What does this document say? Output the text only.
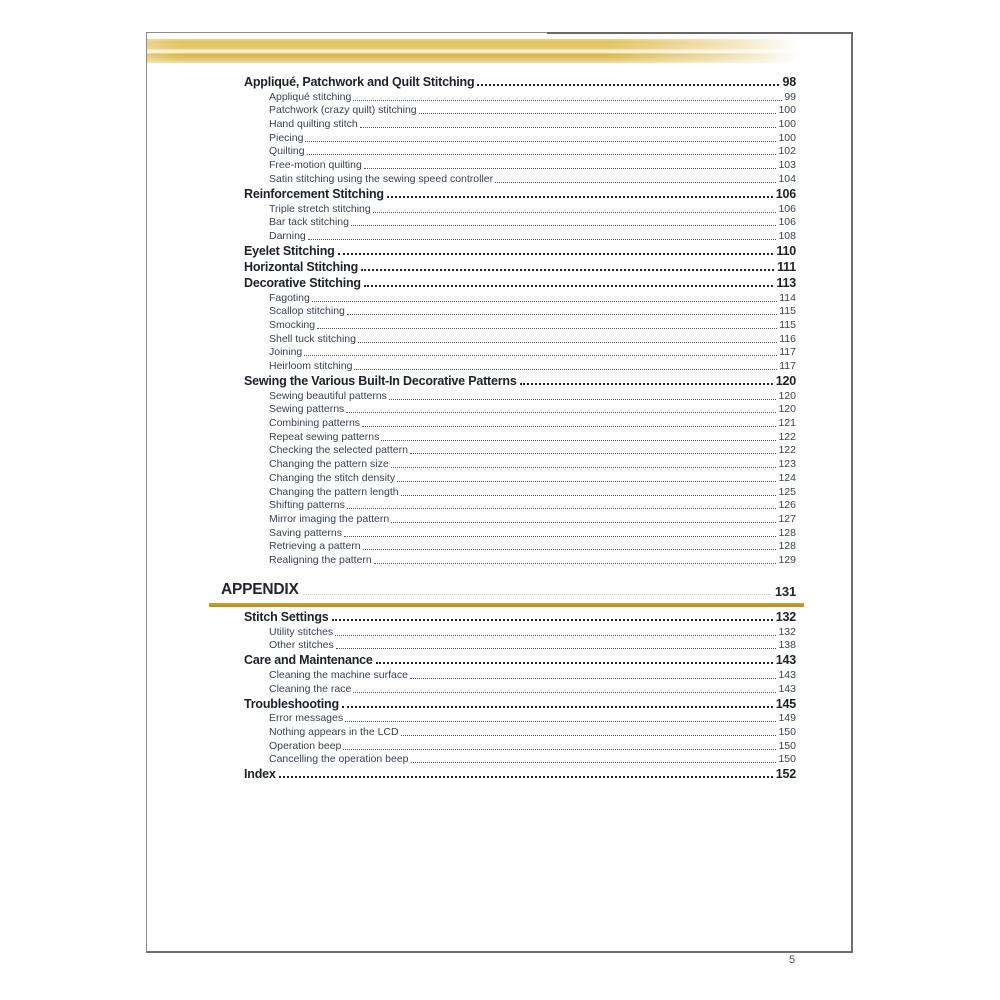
Appliqué, Patchwork and Quilt Stitching	98
Appliqué stitching	99
Patchwork (crazy quilt) stitching	100
Hand quilting stitch	100
Piecing	100
Quilting	102
Free-motion quilting	103
Satin stitching using the sewing speed controller	104
Reinforcement Stitching	106
Triple stretch stitching	106
Bar tack stitching	106
Darning	108
Eyelet Stitching	110
Horizontal Stitching	111
Decorative Stitching	113
Fagoting	114
Scallop stitching	115
Smocking	115
Shell tuck stitching	116
Joining	117
Heirloom stitching	117
Sewing the Various Built-In Decorative Patterns	120
Sewing beautiful patterns	120
Sewing patterns	120
Combining patterns	121
Repeat sewing patterns	122
Checking the selected pattern	122
Changing the pattern size	123
Changing the stitch density	124
Changing the pattern length	125
Shifting patterns	126
Mirror imaging the pattern	127
Saving patterns	128
Retrieving a pattern	128
Realigning the pattern	129
APPENDIX	131
Stitch Settings	132
Utility stitches	132
Other stitches	138
Care and Maintenance	143
Cleaning the machine surface	143
Cleaning the race	143
Troubleshooting	145
Error messages	149
Nothing appears in the LCD	150
Operation beep	150
Cancelling the operation beep	150
Index	152
5
